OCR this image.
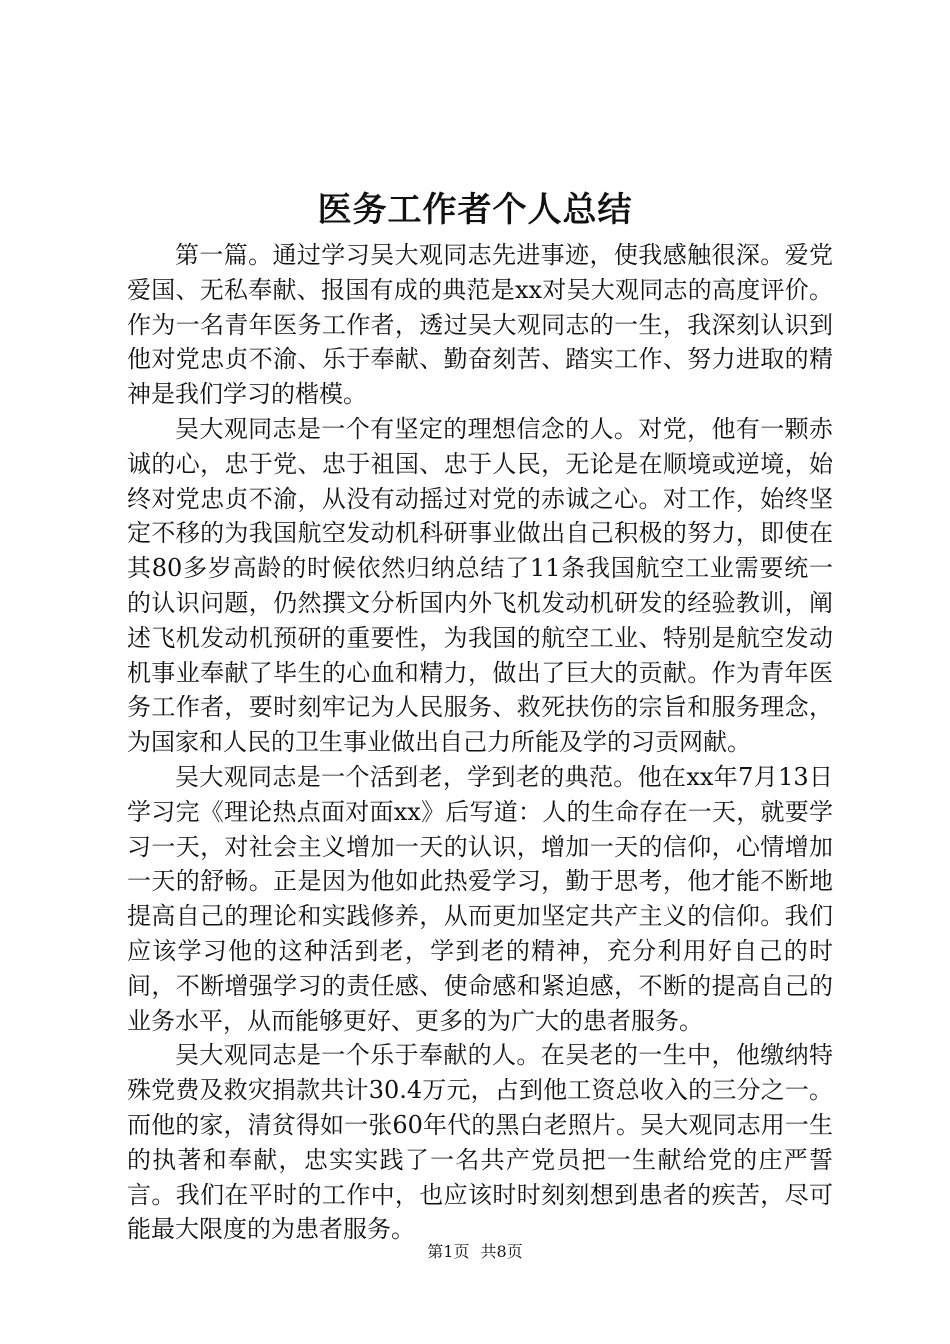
医务工作者个人总结

第一篇。通过学习吴大观同志先进事迹，使我感触很深。爱党爱国、无私奉献、报国有成的典范是xx对吴大观同志的高度评价。作为一名青年医务工作者，透过吴大观同志的一生，我深刻认识到他对党忠贞不渝、乐于奉献、勤奋刻苦、踏实工作、努力进取的精神是我们学习的楷模。

吴大观同志是一个有坚定的理想信念的人。对党，他有一颗赤诚的心，忠于党、忠于祖国、忠于人民，无论是在顺境或逆境，始终对党忠贞不渝，从没有动摇过对党的赤诚之心。对工作，始终坚定不移的为我国航空发动机科研事业做出自己积极的努力，即使在其80多岁高龄的时候依然归纳总结了11条我国航空工业需要统一的认识问题，仍然撰文分析国内外飞机发动机研发的经验教训，阐述飞机发动机预研的重要性，为我国的航空工业、特别是航空发动机事业奉献了毕生的心血和精力，做出了巨大的贡献。作为青年医务工作者，要时刻牢记为人民服务、救死扶伤的宗旨和服务理念，为国家和人民的卫生事业做出自己力所能及学的习贡网献。

吴大观同志是一个活到老，学到老的典范。他在xx年7月13日学习完《理论热点面对面xx》后写道：人的生命存在一天，就要学习一天，对社会主义增加一天的认识，增加一天的信仰，心情增加一天的舒畅。正是因为他如此热爱学习，勤于思考，他才能不断地提高自己的理论和实践修养，从而更加坚定共产主义的信仰。我们应该学习他的这种活到老，学到老的精神，充分利用好自己的时间，不断增强学习的责任感、使命感和紧迫感，不断的提高自己的业务水平，从而能够更好、更多的为广大的患者服务。

吴大观同志是一个乐于奉献的人。在吴老的一生中，他缴纳特殊党费及救灾捐款共计30.4万元，占到他工资总收入的三分之一。而他的家，清贫得如一张60年代的黑白老照片。吴大观同志用一生的执著和奉献，忠实实践了一名共产党员把一生献给党的庄严誓言。我们在平时的工作中，也应该时时刻刻想到患者的疾苦，尽可能最大限度的为患者服务。

第1页 共8页
